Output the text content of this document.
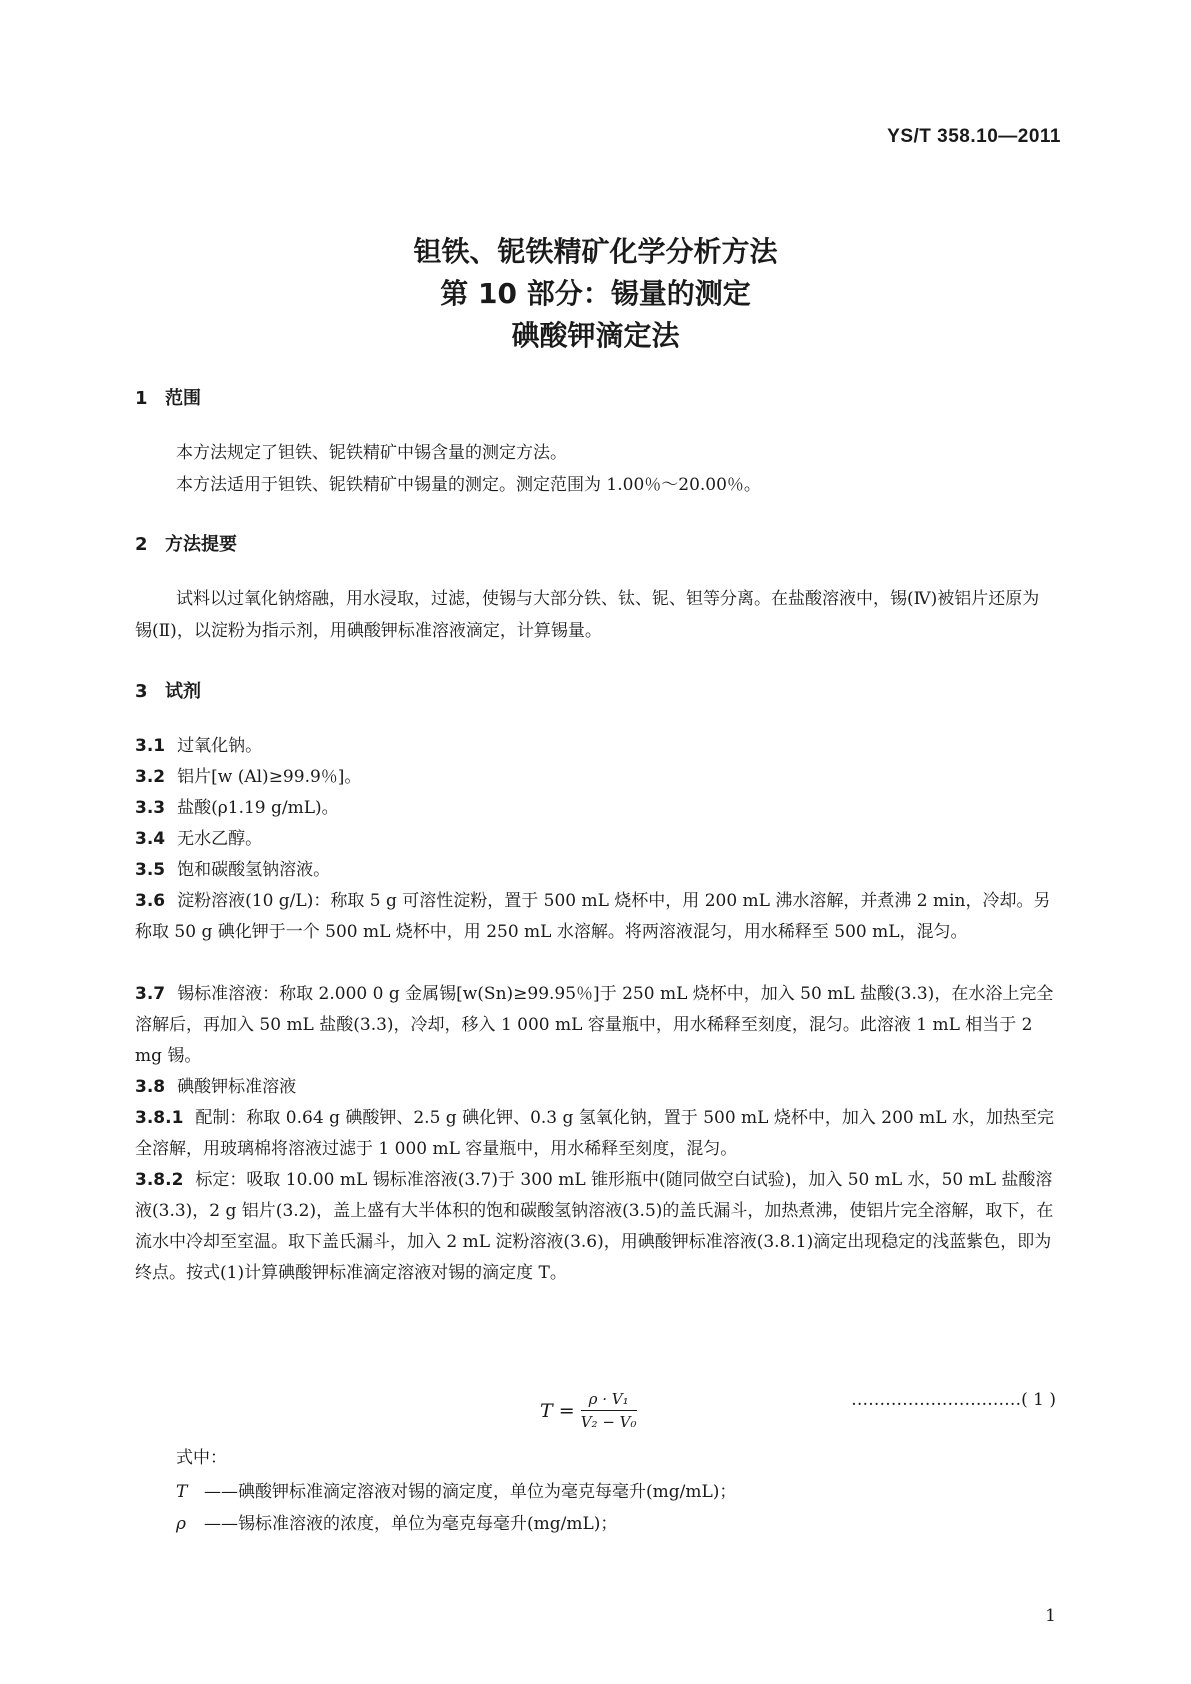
YS/T 358.10—2011
钽铁、铌铁精矿化学分析方法
第 10 部分：锡量的测定
碘酸钾滴定法
1 范围
本方法规定了钽铁、铌铁精矿中锡含量的测定方法。
本方法适用于钽铁、铌铁精矿中锡量的测定。测定范围为 1.00％～20.00％。
2 方法提要
试料以过氧化钠熔融，用水浸取，过滤，使锡与大部分铁、钛、铌、钽等分离。在盐酸溶液中，锡(Ⅳ)被铝片还原为锡(Ⅱ)，以淀粉为指示剂，用碘酸钾标准溶液滴定，计算锡量。
3 试剂
3.1 过氧化钠。
3.2 铝片[w (Al)≥99.9％]。
3.3 盐酸(ρ1.19 g/mL)。
3.4 无水乙醇。
3.5 饱和碳酸氢钠溶液。
3.6 淀粉溶液(10 g/L)：称取 5 g 可溶性淀粉，置于 500 mL 烧杯中，用 200 mL 沸水溶解，并煮沸 2 min，冷却。另称取 50 g 碘化钾于一个 500 mL 烧杯中，用 250 mL 水溶解。将两溶液混匀，用水稀释至 500 mL，混匀。
3.7 锡标准溶液：称取 2.000 0 g 金属锡[w(Sn)≥99.95％]于 250 mL 烧杯中，加入 50 mL 盐酸(3.3)，在水浴上完全溶解后，再加入 50 mL 盐酸(3.3)，冷却，移入 1 000 mL 容量瓶中，用水稀释至刻度，混匀。此溶液 1 mL 相当于 2 mg 锡。
3.8 碘酸钾标准溶液
3.8.1 配制：称取 0.64 g 碘酸钾、2.5 g 碘化钾、0.3 g 氢氧化钠，置于 500 mL 烧杯中，加入 200 mL 水，加热至完全溶解，用玻璃棉将溶液过滤于 1 000 mL 容量瓶中，用水稀释至刻度，混匀。
3.8.2 标定：吸取 10.00 mL 锡标准溶液(3.7)于 300 mL 锥形瓶中(随同做空白试验)，加入 50 mL 水，50 mL 盐酸溶液(3.3)，2 g 铝片(3.2)，盖上盛有大半体积的饱和碳酸氢钠溶液(3.5)的盖氏漏斗，加热煮沸，使铝片完全溶解，取下，在流水中冷却至室温。取下盖氏漏斗，加入 2 mL 淀粉溶液(3.6)，用碘酸钾标准溶液(3.8.1)滴定出现稳定的浅蓝紫色，即为终点。按式(1)计算碘酸钾标准滴定溶液对锡的滴定度 T。
$T = \frac{\text{ρ · V₁}}{\text{V₂ − V₀}}$	…………………………( 1 )
式中：
T ——碘酸钾标准滴定溶液对锡的滴定度，单位为毫克每毫升(mg/mL)；
ρ ——锡标准溶液的浓度，单位为毫克每毫升(mg/mL)；
1
